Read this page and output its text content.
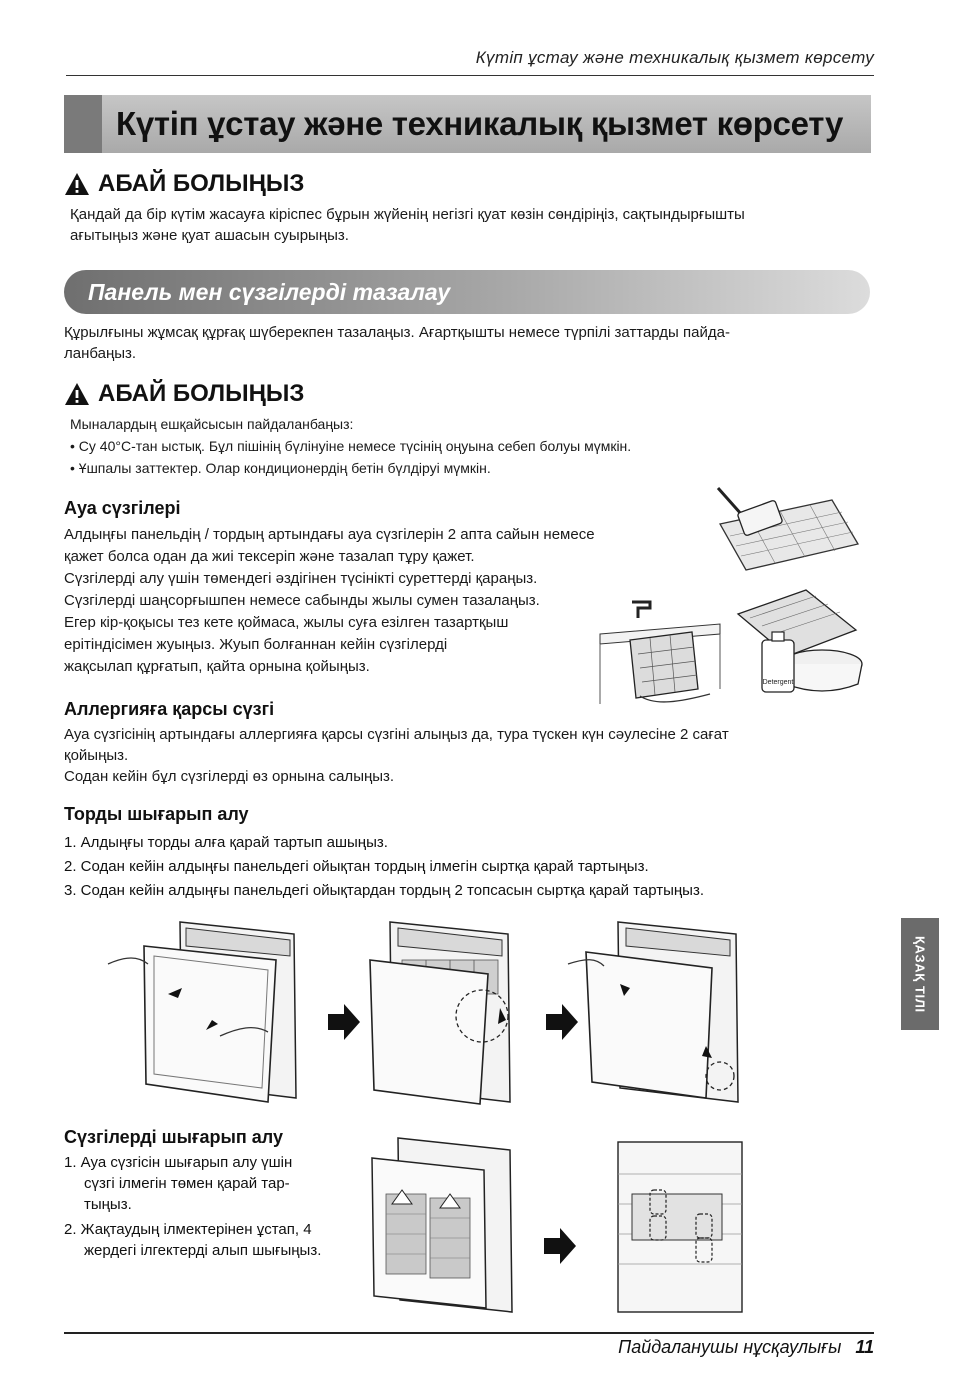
Күтіп ұстау және техникалық қызмет көрсету
Күтіп ұстау және техникалық қызмет көрсету
АБАЙ БОЛЫҢЫЗ
Қандай да бір күтім жасауға кіріспес бұрын жүйенің негізгі қуат көзін сөндіріңіз, сақтындырғышты
ағытыңыз және қуат ашасын суырыңыз.
Панель мен сүзгілерді тазалау
Құрылғыны жұмсақ құрғақ шүберекпен тазалаңыз. Ағартқышты немесе түрпілі заттарды пайда-
ланбаңыз.
АБАЙ БОЛЫҢЫЗ
Мыналардың ешқайсысын пайдаланбаңыз:
• Су 40°С-тан ыстық. Бұл пішінің бүлінуіне немесе түсінің оңуына себеп болуы мүмкін.
• Ұшпалы заттектер. Олар кондиционердің бетін бүлдіруі мүмкін.
Ауа сүзгілері
Алдыңғы панельдің / тордың артындағы ауа сүзгілерін 2 апта сайын немесе
қажет болса одан да жиі тексеріп және тазалап тұру қажет.
Сүзгілерді алу үшін төмендегі әздігінен түсінікті суреттерді қараңыз.
Сүзгілерді шаңсорғышпен немесе сабынды жылы сумен тазалаңыз.
Егер кір-қоқысы тез кете қоймаса, жылы суға езілген тазартқыш
ерітіндісімен жуыңыз. Жуып болғаннан кейін сүзгілерді
жақсылап құрғатып, қайта орнына қойыңыз.
Detergent
Аллергияға қарсы сүзгі
Ауа сүзгісінің артындағы аллергияға қарсы сүзгіні алыңыз да, тура түскен күн сәулесіне 2 сағат
қойыңыз.
Содан кейін бұл сүзгілерді өз орнына салыңыз.
Торды шығарып алу
1. Алдыңғы торды алға қарай тартып ашыңыз.
2. Содан кейін алдыңғы панельдегі ойықтан тордың ілмегін сыртқа қарай тартыңыз.
3. Содан кейін алдыңғы панельдегі ойықтардан тордың 2 топсасын сыртқа қарай тартыңыз.
Сүзгілерді шығарып алу
1. Ауа сүзгісін шығарып алу үшін
сүзгі ілмегін төмен қарай тар-
тыңыз.
2. Жақтаудың ілмектерінен ұстап, 4
жердегі ілгектерді алып шығыңыз.
ҚАЗАҚ ТІЛІ
Пайдаланушы нұсқаулығы 11
